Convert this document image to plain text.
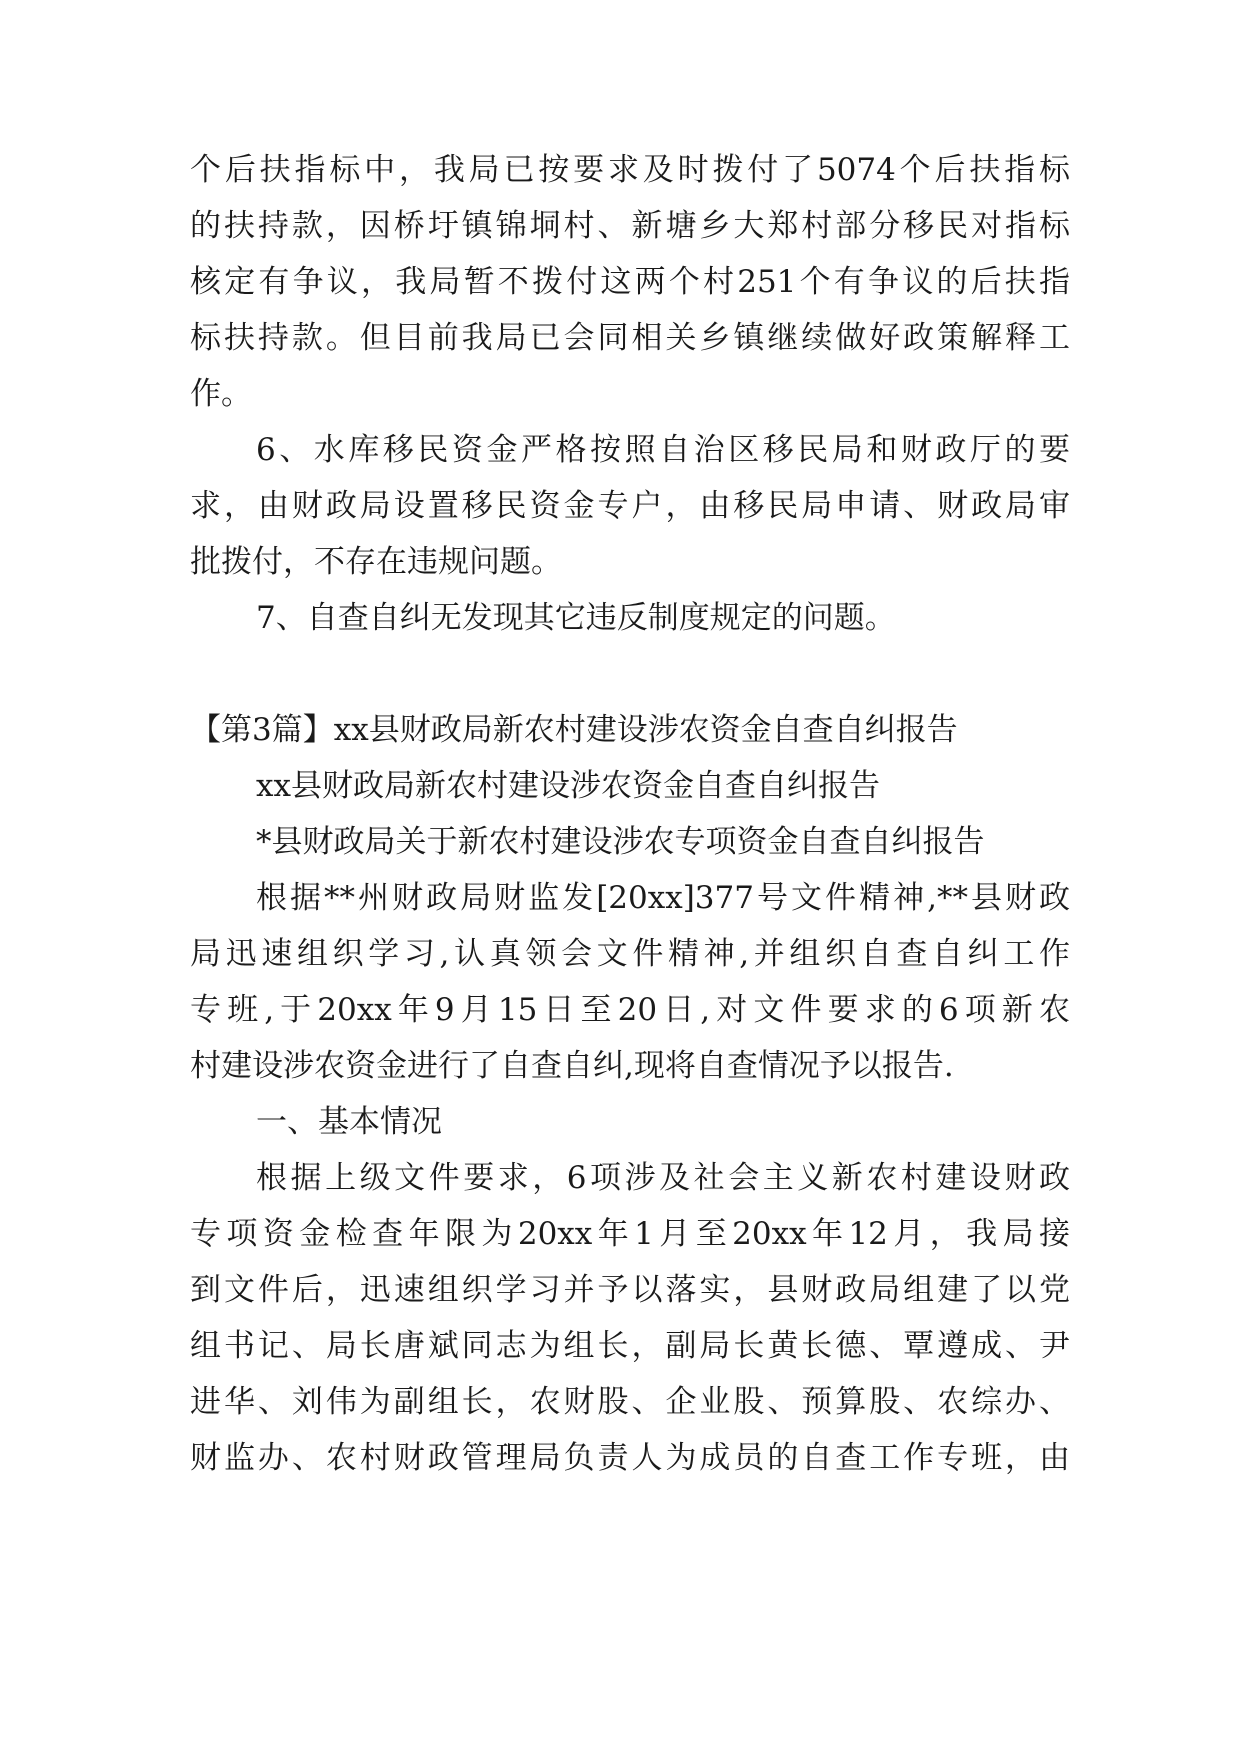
个后扶指标中，我局已按要求及时拨付了5074个后扶指标
的扶持款，因桥圩镇锦垌村、新塘乡大郑村部分移民对指标
核定有争议，我局暂不拨付这两个村251个有争议的后扶指
标扶持款。但目前我局已会同相关乡镇继续做好政策解释工
作。
6、水库移民资金严格按照自治区移民局和财政厅的要
求，由财政局设置移民资金专户，由移民局申请、财政局审
批拨付，不存在违规问题。
7、自查自纠无发现其它违反制度规定的问题。
【第3篇】xx县财政局新农村建设涉农资金自查自纠报告
xx县财政局新农村建设涉农资金自查自纠报告
*县财政局关于新农村建设涉农专项资金自查自纠报告
根据**州财政局财监发[20xx]377号文件精神,**县财政
局迅速组织学习,认真领会文件精神,并组织自查自纠工作
专班,于20xx年9月15日至20日,对文件要求的6项新农
村建设涉农资金进行了自查自纠,现将自查情况予以报告.
一、基本情况
根据上级文件要求，6项涉及社会主义新农村建设财政
专项资金检查年限为20xx年1月至20xx年12月，我局接
到文件后，迅速组织学习并予以落实，县财政局组建了以党
组书记、局长唐斌同志为组长，副局长黄长德、覃遵成、尹
进华、刘伟为副组长，农财股、企业股、预算股、农综办、
财监办、农村财政管理局负责人为成员的自查工作专班，由
